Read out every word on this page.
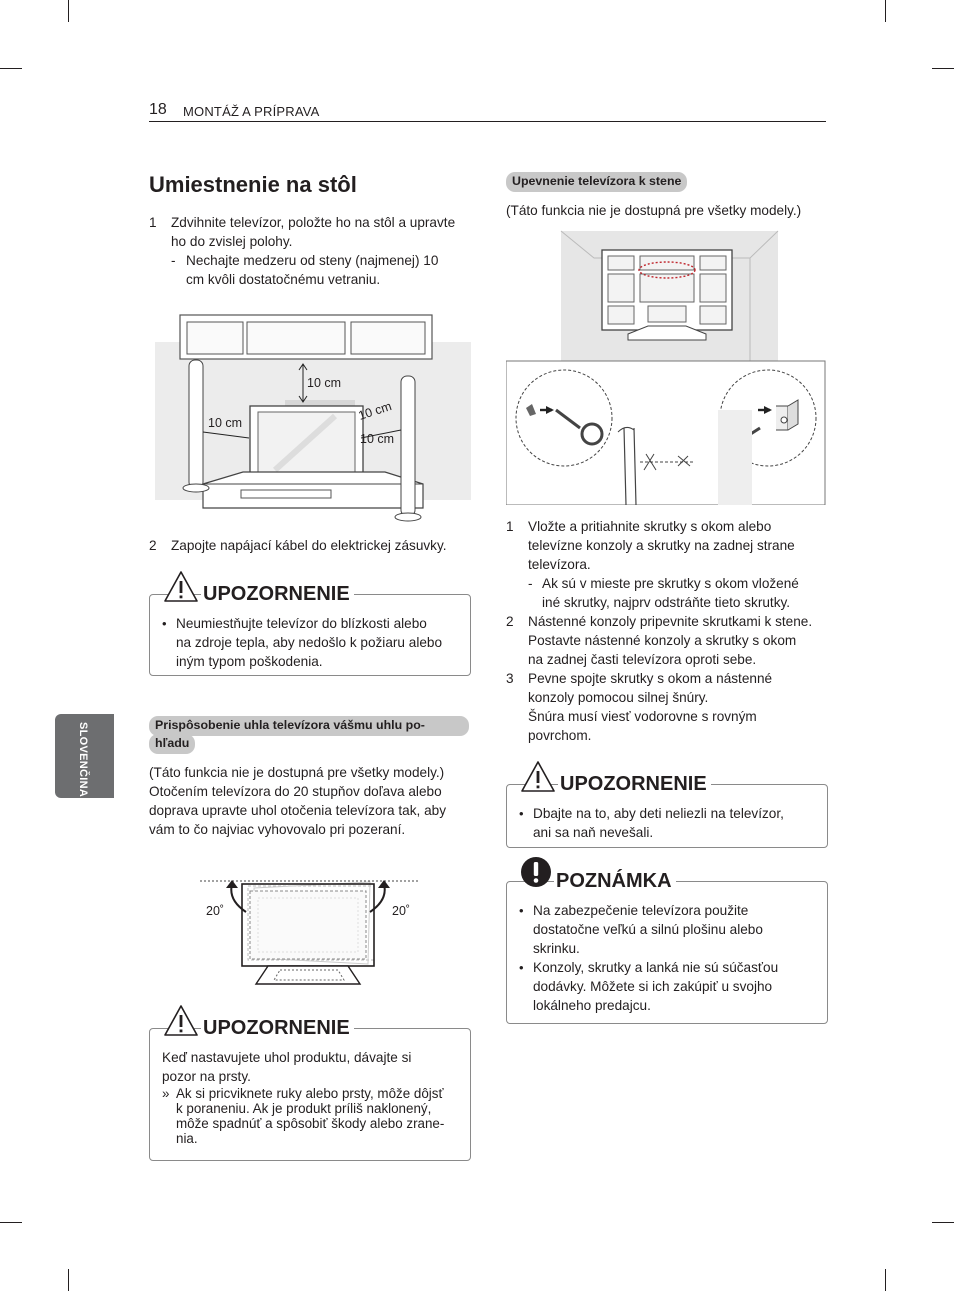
18 MONTÁŽ A PRÍPRAVA
SLOVENČINA
Umiestnenie na stôl
1 Zdvihnite televízor, položte ho na stôl a upravte
ho do zvislej polohy.
- Nechajte medzeru od steny (najmenej) 10
cm kvôli dostatočnému vetraniu.
10 cm
10 cm
10 cm
10 cm
2 Zapojte napájací kábel do elektrickej zásuvky.
UPOZORNENIE
• Neumiestňujte televízor do blízkosti alebo
na zdroje tepla, aby nedošlo k požiaru alebo
iným typom poškodenia.
Prispôsobenie uhla televízora vášmu uhlu po-
hľadu
(Táto funkcia nie je dostupná pre všetky modely.)
Otočením televízora do 20 stupňov doľava alebo
doprava upravte uhol otočenia televízora tak, aby
vám to čo najviac vyhovovalo pri pozeraní.
20˚	20˚
UPOZORNENIE
Keď nastavujete uhol produktu, dávajte si
pozor na prsty.
» Ak si pricviknete ruky alebo prsty, môže dôjsť
k poraneniu. Ak je produkt príliš naklonený,
môže spadnúť a spôsobiť škody alebo zrane-
nia.
Upevnenie televízora k stene
(Táto funkcia nie je dostupná pre všetky modely.)
1 Vložte a pritiahnite skrutky s okom alebo
televízne konzoly a skrutky na zadnej strane
televízora.
- Ak sú v mieste pre skrutky s okom vložené
iné skrutky, najprv odstráňte tieto skrutky.
2 Nástenné konzoly pripevnite skrutkami k stene.
Postavte nástenné konzoly a skrutky s okom
na zadnej časti televízora oproti sebe.
3 Pevne spojte skrutky s okom a nástenné
konzoly pomocou silnej šnúry.
Šnúra musí viesť vodorovne s rovným
povrchom.
UPOZORNENIE
• Dbajte na to, aby deti neliezli na televízor,
ani sa naň nevešali.
POZNÁMKA
• Na zabezpečenie televízora použite
dostatočne veľkú a silnú plošinu alebo
skrinku.
• Konzoly, skrutky a lanká nie sú súčasťou
dodávky. Môžete si ich zakúpiť u svojho
lokálneho predajcu.
